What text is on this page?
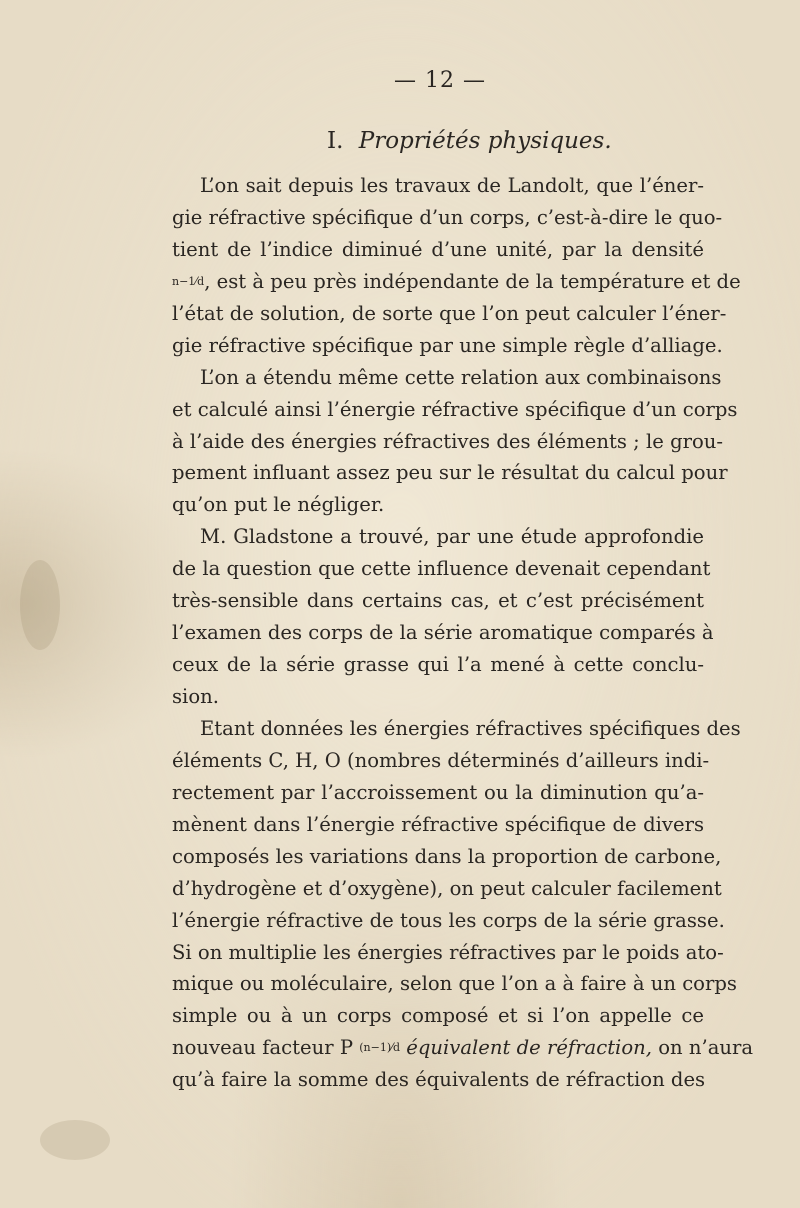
— 12 —
I. Propriétés physiques.
L’on sait depuis les travaux de Landolt, que l’éner-
gie réfractive spécifique d’un corps, c’est-à-dire le quo-
tient de l’indice diminué d’une unité, par la densité
n−1⁄d, est à peu près indépendante de la température et de
l’état de solution, de sorte que l’on peut calculer l’éner-
gie réfractive spécifique par une simple règle d’alliage.
L’on a étendu même cette relation aux combinaisons
et calculé ainsi l’énergie réfractive spécifique d’un corps
à l’aide des énergies réfractives des éléments ; le grou-
pement influant assez peu sur le résultat du calcul pour
qu’on put le négliger.
M. Gladstone a trouvé, par une étude approfondie
de la question que cette influence devenait cependant
très-sensible dans certains cas, et c’est précisément
l’examen des corps de la série aromatique comparés à
ceux de la série grasse qui l’a mené à cette conclu-
sion.
Etant données les énergies réfractives spécifiques des
éléments C, H, O (nombres déterminés d’ailleurs indi-
rectement par l’accroissement ou la diminution qu’a-
mènent dans l’énergie réfractive spécifique de divers
composés les variations dans la proportion de carbone,
d’hydrogène et d’oxygène), on peut calculer facilement
l’énergie réfractive de tous les corps de la série grasse.
Si on multiplie les énergies réfractives par le poids ato-
mique ou moléculaire, selon que l’on a à faire à un corps
simple ou à un corps composé et si l’on appelle ce
nouveau facteur P (n−1)⁄d équivalent de réfraction, on n’aura
qu’à faire la somme des équivalents de réfraction des
